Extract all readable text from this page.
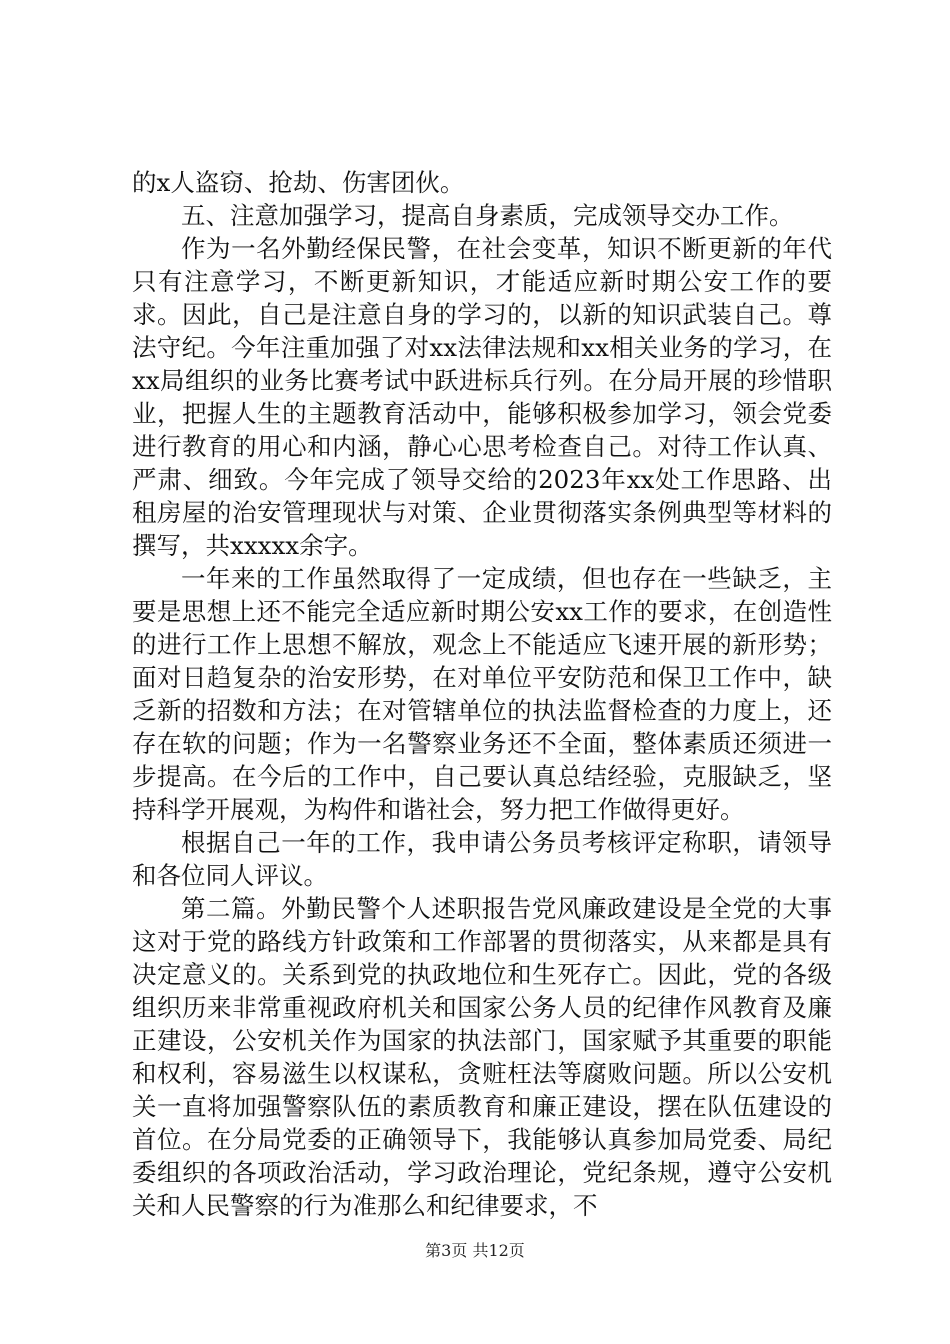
的x人盗窃、抢劫、伤害团伙。

五、注意加强学习，提高自身素质，完成领导交办工作。

作为一名外勤经保民警，在社会变革，知识不断更新的年代只有注意学习，不断更新知识，才能适应新时期公安工作的要求。因此，自己是注意自身的学习的，以新的知识武装自己。尊法守纪。今年注重加强了对xx法律法规和xx相关业务的学习，在xx局组织的业务比赛考试中跃进标兵行列。在分局开展的珍惜职业，把握人生的主题教育活动中，能够积极参加学习，领会党委进行教育的用心和内涵，静心心思考检查自己。对待工作认真、严肃、细致。今年完成了领导交给的2023年xx处工作思路、出租房屋的治安管理现状与对策、企业贯彻落实条例典型等材料的撰写，共xxxxx余字。

一年来的工作虽然取得了一定成绩，但也存在一些缺乏，主要是思想上还不能完全适应新时期公安xx工作的要求，在创造性的进行工作上思想不解放，观念上不能适应飞速开展的新形势；面对日趋复杂的治安形势，在对单位平安防范和保卫工作中，缺乏新的招数和方法；在对管辖单位的执法监督检查的力度上，还存在软的问题；作为一名警察业务还不全面，整体素质还须进一步提高。在今后的工作中，自己要认真总结经验，克服缺乏，坚持科学开展观，为构件和谐社会，努力把工作做得更好。

根据自己一年的工作，我申请公务员考核评定称职，请领导和各位同人评议。

第二篇。外勤民警个人述职报告党风廉政建设是全党的大事这对于党的路线方针政策和工作部署的贯彻落实，从来都是具有决定意义的。关系到党的执政地位和生死存亡。因此，党的各级组织历来非常重视政府机关和国家公务人员的纪律作风教育及廉正建设，公安机关作为国家的执法部门，国家赋予其重要的职能和权利，容易滋生以权谋私，贪赃枉法等腐败问题。所以公安机关一直将加强警察队伍的素质教育和廉正建设，摆在队伍建设的首位。在分局党委的正确领导下，我能够认真参加局党委、局纪委组织的各项政治活动，学习政治理论，党纪条规，遵守公安机关和人民警察的行为准那么和纪律要求，不

第3页 共12页
